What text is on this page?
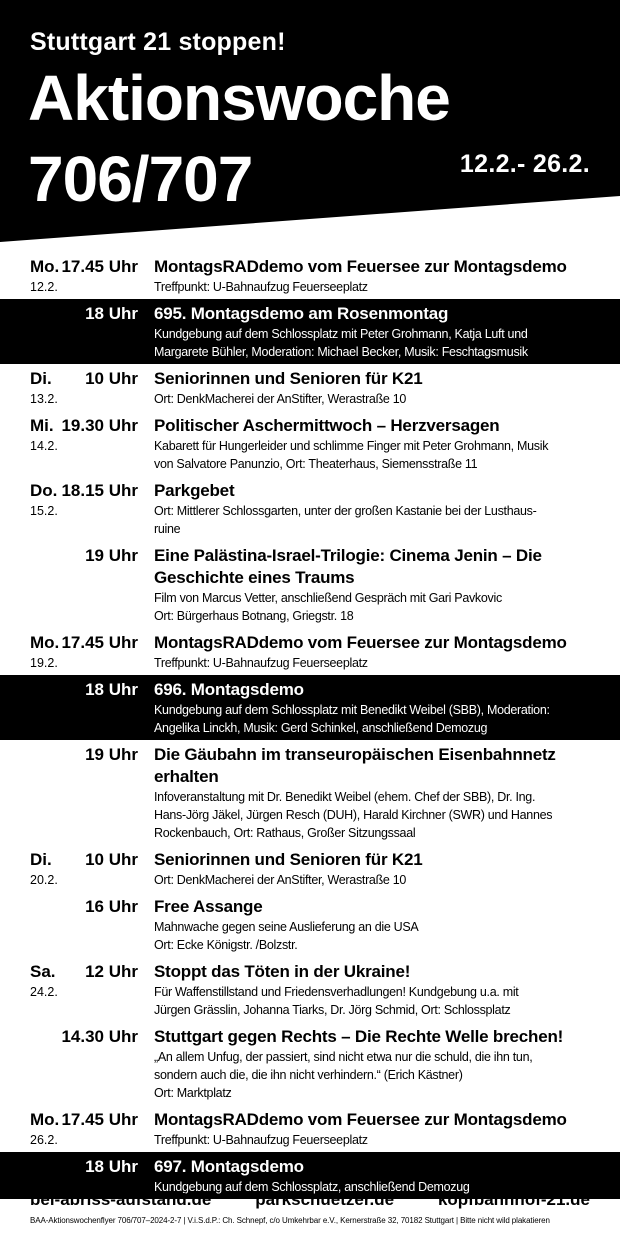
Stuttgart 21 stoppen!
Aktionswoche
706/707	12.2.- 26.2.
Mo.
12.2.
17.45 Uhr MontagsRADdemo vom Feuersee zur Montagsdemo
Treffpunkt: U-Bahnaufzug Feuerseeplatz
18 Uhr 695. Montagsdemo am Rosenmontag
Kundgebung auf dem Schlossplatz mit Peter Grohmann, Katja Luft und
Margarete Bühler, Moderation: Michael Becker, Musik: Feschtagsmusik
Di.
13.2.
10 Uhr Seniorinnen und Senioren für K21
Ort: DenkMacherei der AnStifter, Werastraße 10
Mi.
14.2.
19.30 Uhr Politischer Aschermittwoch – Herzversagen
Kabarett für Hungerleider und schlimme Finger mit Peter Grohmann, Musik
von Salvatore Panunzio, Ort: Theaterhaus, Siemensstraße 11
Do.
15.2.
18.15 Uhr Parkgebet
Ort: Mittlerer Schlossgarten, unter der großen Kastanie bei der Lusthaus-
ruine
19 Uhr Eine Palästina-Israel-Trilogie: Cinema Jenin – Die Geschichte eines Traums
Film von Marcus Vetter, anschließend Gespräch mit Gari Pavkovic
Ort: Bürgerhaus Botnang, Griegstr. 18
Mo.
19.2.
17.45 Uhr MontagsRADdemo vom Feuersee zur Montagsdemo
Treffpunkt: U-Bahnaufzug Feuerseeplatz
18 Uhr 696. Montagsdemo
Kundgebung auf dem Schlossplatz mit Benedikt Weibel (SBB), Moderation:
Angelika Linckh, Musik: Gerd Schinkel, anschließend Demozug
19 Uhr Die Gäubahn im transeuropäischen Eisenbahnnetz erhalten
Infoveranstaltung mit Dr. Benedikt Weibel (ehem. Chef der SBB), Dr. Ing.
Hans-Jörg Jäkel, Jürgen Resch (DUH), Harald Kirchner (SWR) und Hannes
Rockenbauch, Ort: Rathaus, Großer Sitzungssaal
Di.
20.2.
10 Uhr Seniorinnen und Senioren für K21
Ort: DenkMacherei der AnStifter, Werastraße 10
16 Uhr Free Assange
Mahnwache gegen seine Auslieferung an die USA
Ort: Ecke Königstr. /Bolzstr.
Sa.
24.2.
12 Uhr Stoppt das Töten in der Ukraine!
Für Waffenstillstand und Friedensverhadlungen! Kundgebung u.a. mit
Jürgen Grässlin, Johanna Tiarks, Dr. Jörg Schmid, Ort: Schlossplatz
14.30 Uhr Stuttgart gegen Rechts – Die Rechte Welle brechen!
„An allem Unfug, der passiert, sind nicht etwa nur die schuld, die ihn tun,
sondern auch die, die ihn nicht verhindern.“ (Erich Kästner)
Ort: Marktplatz
Mo.
26.2.
17.45 Uhr MontagsRADdemo vom Feuersee zur Montagsdemo
Treffpunkt: U-Bahnaufzug Feuerseeplatz
18 Uhr 697. Montagsdemo
Kundgebung auf dem Schlossplatz, anschließend Demozug
bei-abriss-aufstand.de	parkschuetzer.de	kopfbahnhof-21.de
BAA-Aktionswochenflyer 706/707–2024-2-7 | V.i.S.d.P.: Ch. Schnepf, c/o Umkehrbar e.V., Kernerstraße 32, 70182 Stuttgart | Bitte nicht wild plakatieren
